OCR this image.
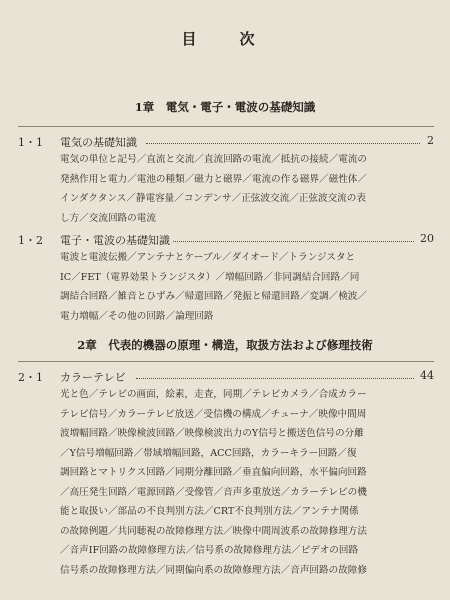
目　次
1章　電気・電子・電波の基礎知識
1・1 電気の基礎知識	2
電気の単位と記号／直流と交流／直流回路の電流／抵抗の接続／電流の
発熱作用と電力／電池の種類／磁力と磁界／電流の作る磁界／磁性体／
インダクタンス／静電容量／コンデンサ／正弦波交流／正弦波交流の表
し方／交流回路の電流
1・2 電子・電波の基礎知識	20
電波と電波伝搬／アンテナとケーブル／ダイオード／トランジスタと
IC／FET（電界効果トランジスタ）／増幅回路／非同調結合回路／同
調結合回路／雑音とひずみ／帰還回路／発振と帰還回路／変調／検波／
電力増幅／その他の回路／論理回路
2章　代表的機器の原理・構造，取扱方法および修理技術
2・1 カラーテレビ	44
光と色／テレビの画面，絵素，走査，同期／テレビカメラ／合成カラー
テレビ信号／カラーテレビ放送／受信機の構成／チューナ／映像中間周
波増幅回路／映像検波回路／映像検波出力のY信号と搬送色信号の分離
／Y信号増幅回路／帯域増幅回路，ACC回路，カラーキラー回路／復
調回路とマトリクス回路／同期分離回路／垂直偏向回路，水平偏向回路
／高圧発生回路／電源回路／受像管／音声多重放送／カラーテレビの機
能と取扱い／部品の不良判別方法／CRT不良判別方法／アンテナ関係
の故障例題／共同聴視の故障修理方法／映像中間周波系の故障修理方法
／音声IF回路の故障修理方法／信号系の故障修理方法／ビデオの回路
信号系の故障修理方法／同期偏向系の故障修理方法／音声回路の故障修
